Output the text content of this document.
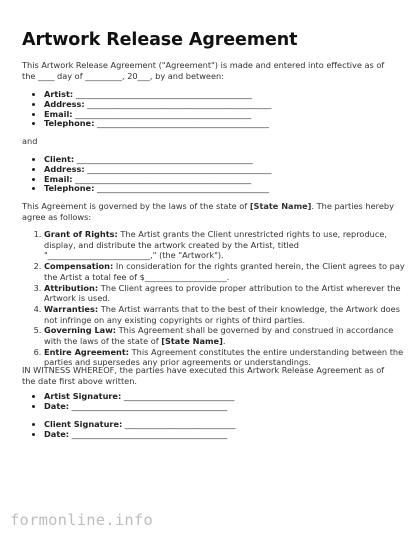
Artwork Release Agreement
This Artwork Release Agreement ("Agreement") is made and entered into effective as of the ____ day of _________, 20___, by and between:
• Artist: ___________________________________________
• Address: _____________________________________________
• Email: ___________________________________________
• Telephone: __________________________________________
and
• Client: ___________________________________________
• Address: _____________________________________________
• Email: ___________________________________________
• Telephone: __________________________________________
This Agreement is governed by the laws of the state of [State Name]. The parties hereby agree as follows:
1. Grant of Rights: The Artist grants the Client unrestricted rights to use, reproduce, display, and distribute the artwork created by the Artist, titled "_________________________," (the "Artwork").
2. Compensation: In consideration for the rights granted herein, the Client agrees to pay the Artist a total fee of $____________________.
3. Attribution: The Client agrees to provide proper attribution to the Artist wherever the Artwork is used.
4. Warranties: The Artist warrants that to the best of their knowledge, the Artwork does not infringe on any existing copyrights or rights of third parties.
5. Governing Law: This Agreement shall be governed by and construed in accordance with the laws of the state of [State Name].
6. Entire Agreement: This Agreement constitutes the entire understanding between the parties and supersedes any prior agreements or understandings.
IN WITNESS WHEREOF, the parties have executed this Artwork Release Agreement as of the date first above written.
• Artist Signature: ___________________________
• Date: ______________________________________
• Client Signature: ___________________________
• Date: ______________________________________
formonline.info
